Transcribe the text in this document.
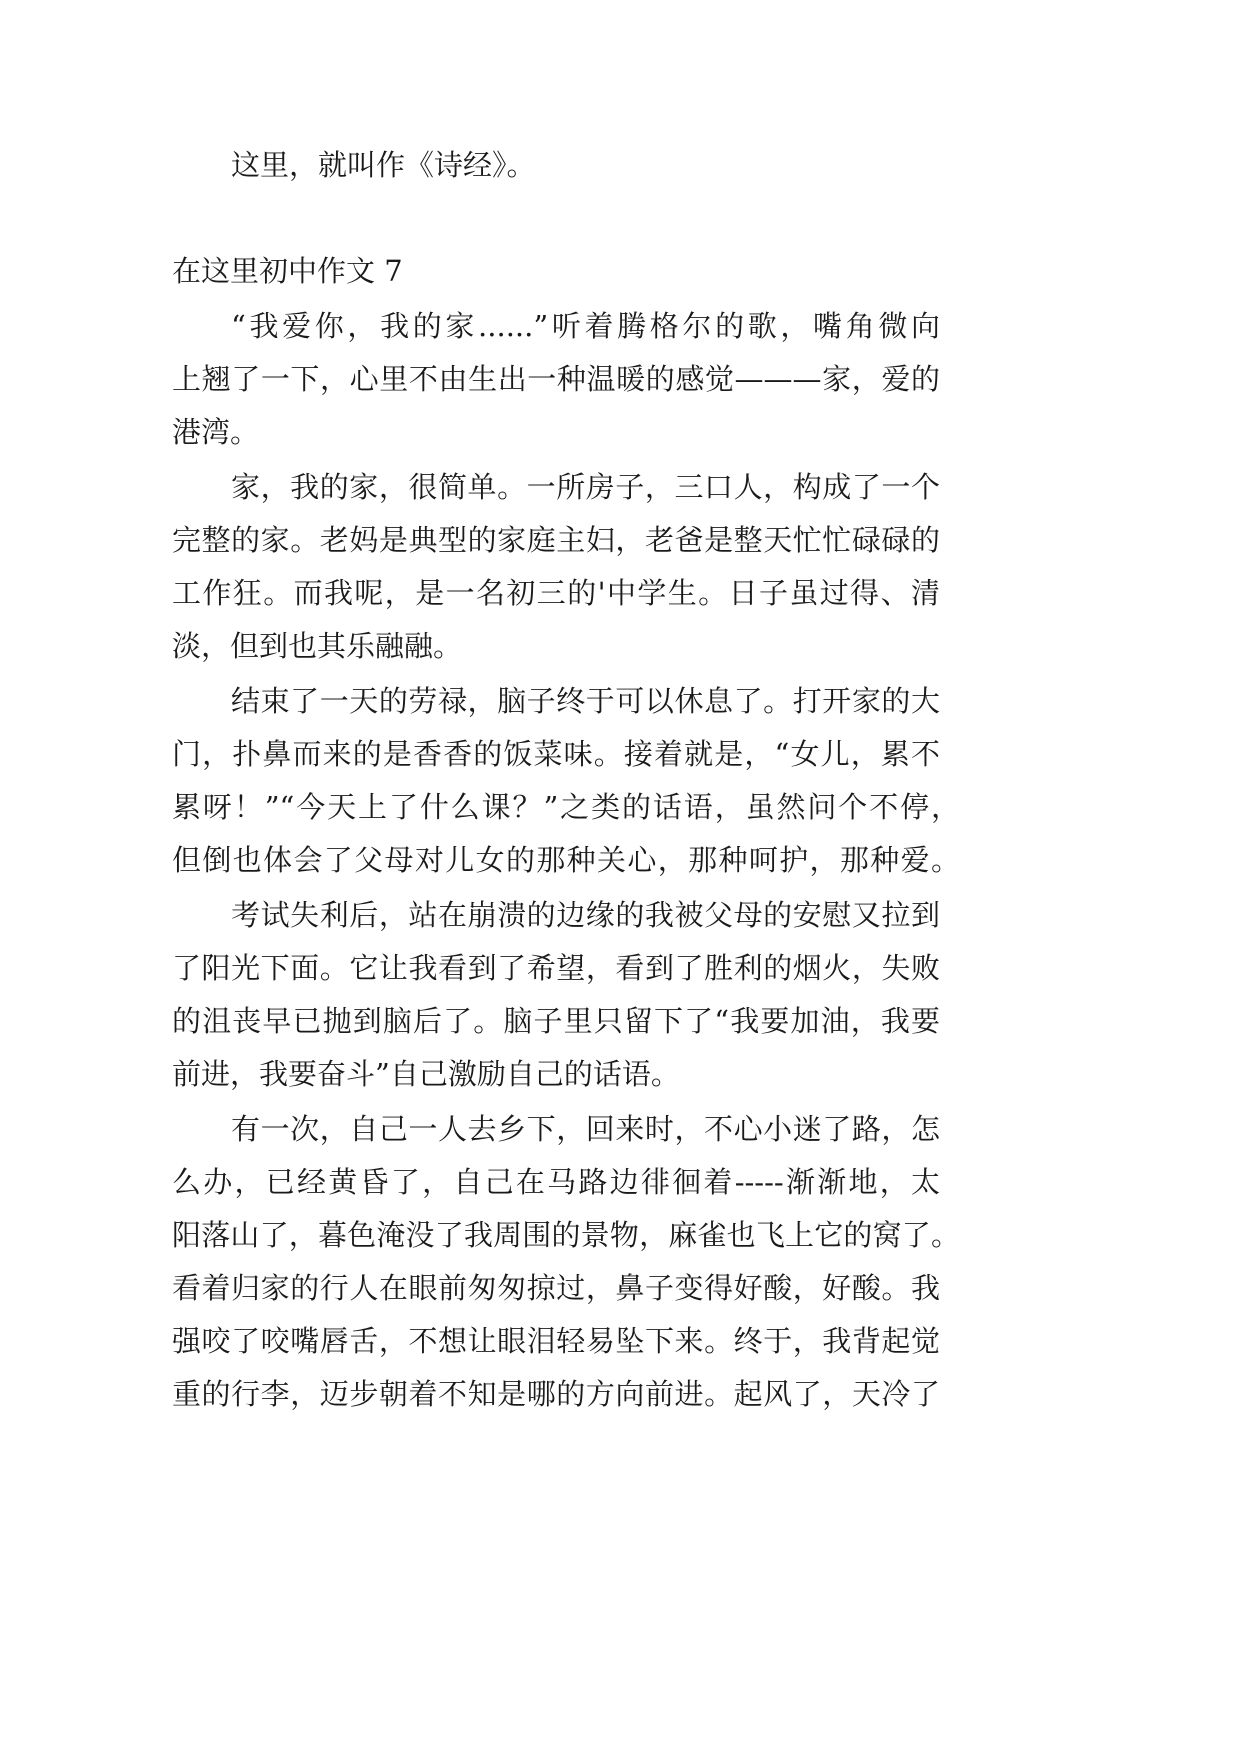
这里，就叫作《诗经》。
在这里初中作文 7
“我爱你，我的家......”听着腾格尔的歌，嘴角微向
上翘了一下，心里不由生出一种温暖的感觉———家，爱的
港湾。
家，我的家，很简单。一所房子，三口人，构成了一个
完整的家。老妈是典型的家庭主妇，老爸是整天忙忙碌碌的
工作狂。而我呢，是一名初三的'中学生。日子虽过得、清
淡，但到也其乐融融。
结束了一天的劳禄，脑子终于可以休息了。打开家的大
门，扑鼻而来的是香香的饭菜味。接着就是，“女儿，累不
累呀！”“今天上了什么课？”之类的话语，虽然问个不停，
但倒也体会了父母对儿女的那种关心，那种呵护，那种爱。
考试失利后，站在崩溃的边缘的我被父母的安慰又拉到
了阳光下面。它让我看到了希望，看到了胜利的烟火，失败
的沮丧早已抛到脑后了。脑子里只留下了“我要加油，我要
前进，我要奋斗”自己激励自己的话语。
有一次，自己一人去乡下，回来时，不心小迷了路，怎
么办，已经黄昏了，自己在马路边徘徊着-----渐渐地，太
阳落山了，暮色淹没了我周围的景物，麻雀也飞上它的窝了。
看着归家的行人在眼前匆匆掠过，鼻子变得好酸，好酸。我
强咬了咬嘴唇舌，不想让眼泪轻易坠下来。终于，我背起觉
重的行李，迈步朝着不知是哪的方向前进。起风了，天冷了
